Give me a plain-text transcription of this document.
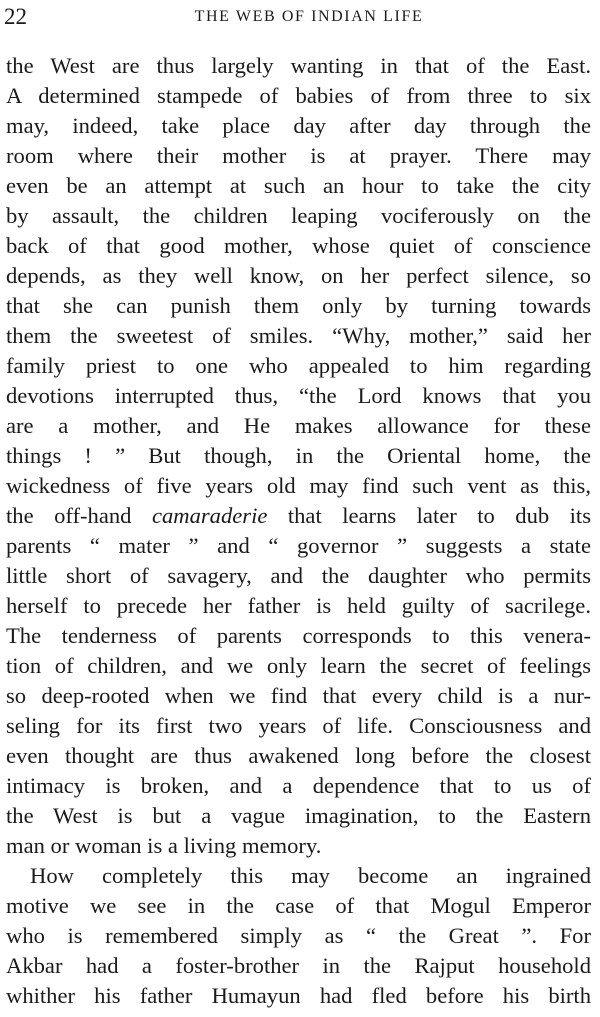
22	THE WEB OF INDIAN LIFE
the West are thus largely wanting in that of the East.
A determined stampede of babies of from three to six
may, indeed, take place day after day through the
room where their mother is at prayer. There may
even be an attempt at such an hour to take the city
by assault, the children leaping vociferously on the
back of that good mother, whose quiet of conscience
depends, as they well know, on her perfect silence, so
that she can punish them only by turning towards
them the sweetest of smiles. “Why, mother,” said her
family priest to one who appealed to him regarding
devotions interrupted thus, “the Lord knows that you
are a mother, and He makes allowance for these
things ! ” But though, in the Oriental home, the
wickedness of five years old may find such vent as this,
the off-hand camaraderie that learns later to dub its
parents “ mater ” and “ governor ” suggests a state
little short of savagery, and the daughter who permits
herself to precede her father is held guilty of sacrilege.
The tenderness of parents corresponds to this venera-
tion of children, and we only learn the secret of feelings
so deep-rooted when we find that every child is a nur-
seling for its first two years of life. Consciousness and
even thought are thus awakened long before the closest
intimacy is broken, and a dependence that to us of
the West is but a vague imagination, to the Eastern
man or woman is a living memory.
How completely this may become an ingrained
motive we see in the case of that Mogul Emperor
who is remembered simply as “ the Great ”. For
Akbar had a foster-brother in the Rajput household
whither his father Humayun had fled before his birth
